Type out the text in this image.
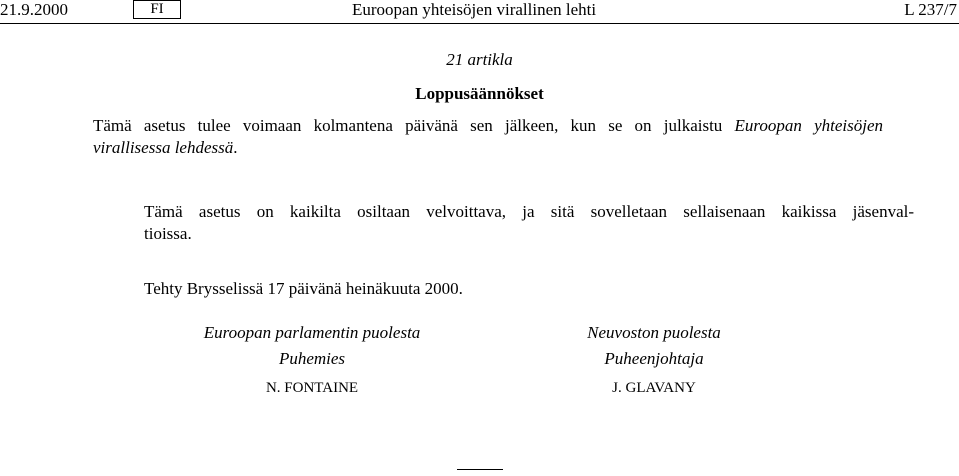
21.9.2000	FI	Euroopan yhteisöjen virallinen lehti	L 237/7
21 artikla
Loppusäännökset
Tämä asetus tulee voimaan kolmantena päivänä sen jälkeen, kun se on julkaistu Euroopan yhteisöjen
virallisessa lehdessä.
Tämä asetus on kaikilta osiltaan velvoittava, ja sitä sovelletaan sellaisenaan kaikissa jäsenval-
tioissa.
Tehty Brysselissä 17 päivänä heinäkuuta 2000.
Euroopan parlamentin puolesta
Puhemies
N. FONTAINE
Neuvoston puolesta
Puheenjohtaja
J. GLAVANY
